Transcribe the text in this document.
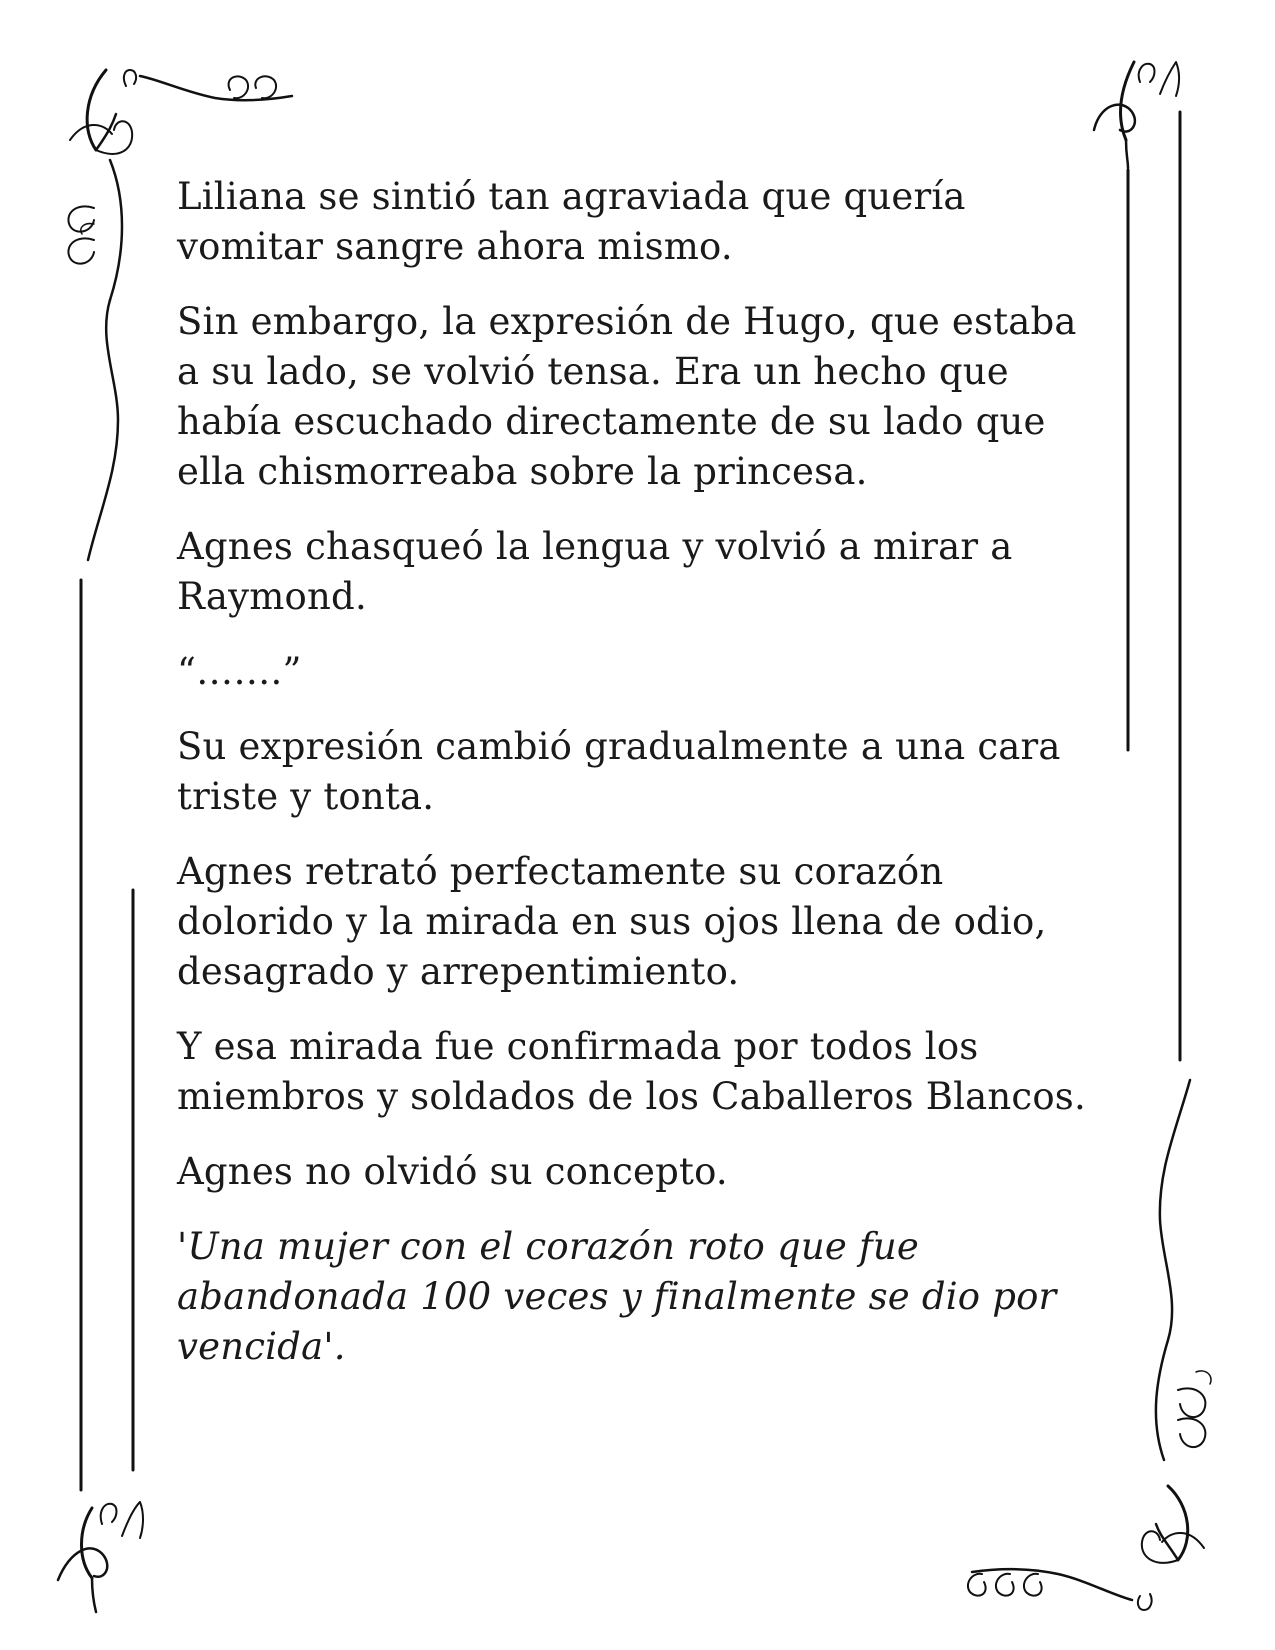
Liliana se sintió tan agraviada que quería
vomitar sangre ahora mismo.

Sin embargo, la expresión de Hugo, que estaba
a su lado, se volvió tensa. Era un hecho que
había escuchado directamente de su lado que
ella chismorreaba sobre la princesa.

Agnes chasqueó la lengua y volvió a mirar a
Raymond.

“…….”

Su expresión cambió gradualmente a una cara
triste y tonta.

Agnes retrató perfectamente su corazón
dolorido y la mirada en sus ojos llena de odio,
desagrado y arrepentimiento.

Y esa mirada fue confirmada por todos los
miembros y soldados de los Caballeros Blancos.

Agnes no olvidó su concepto.

'Una mujer con el corazón roto que fue
abandonada 100 veces y finalmente se dio por
vencida'.
